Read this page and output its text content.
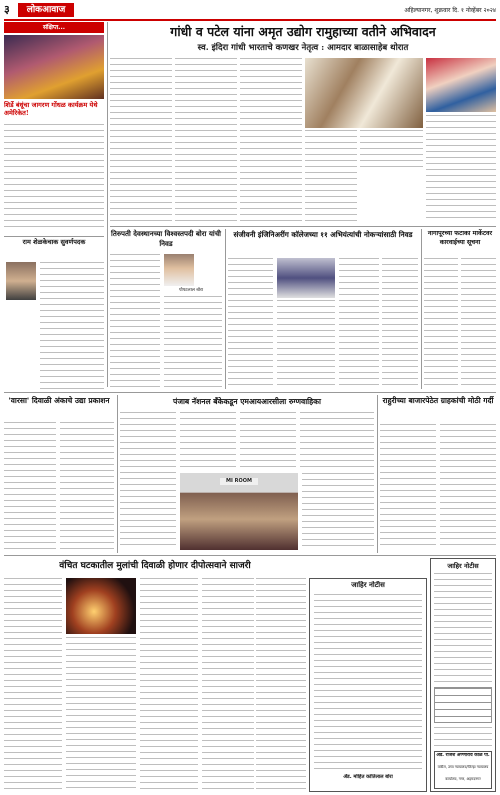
३	लोकआवाज	अहिल्यानगर, शुक्रवार दि. १ नोव्हेंबर २०२४
संक्षिप्त...
शिर्डे बंधूंचा जागरण गोंधळ कार्यक्रम येथे अमेरिकेत!
राम शेळकेचाक सुवर्णपदक
गांधी व पटेल यांना अमृत उद्योग रामुहाच्या वतीने अभिवादन
स्व. इंदिरा गांधी भारताचे कणखर नेतृत्व : आमदार बाळासाहेब थोरात
तिरुपती देवस्थानच्या विश्वस्तपदी बोरा यांची निवड
पोपटलाल बोरा
संजीवनी इंजिनिअरींग कॉलेजच्या ११ अभियंत्यांची नोकऱ्यांसाठी निवड	नागापूरच्या फटाका मार्केटवर कारवाईच्या सूचना
'वारसा' दिवाळी अंकाचे उद्या प्रकाशन	पंजाब नॅशनल बँकेकडून एमआयआरसीला रुग्णवाहिका
MI ROOM
राहुरीच्या बाजारपेठेत ग्राहकांची मोठी गर्दी
वंचित घटकातील मुलांची दिवाळी होणार दीपोत्सवाने साजरी
जाहिर नोटीस
ॲड. मोहित कांतिलाल बोरा
जाहिर नोटीस
ॲड. राजेश अण्णाराव काळे पा.
वकील, उच्च न्यायालय/जिल्हा न्यायालय
कार्यालय, नगर, अहमदनगर
